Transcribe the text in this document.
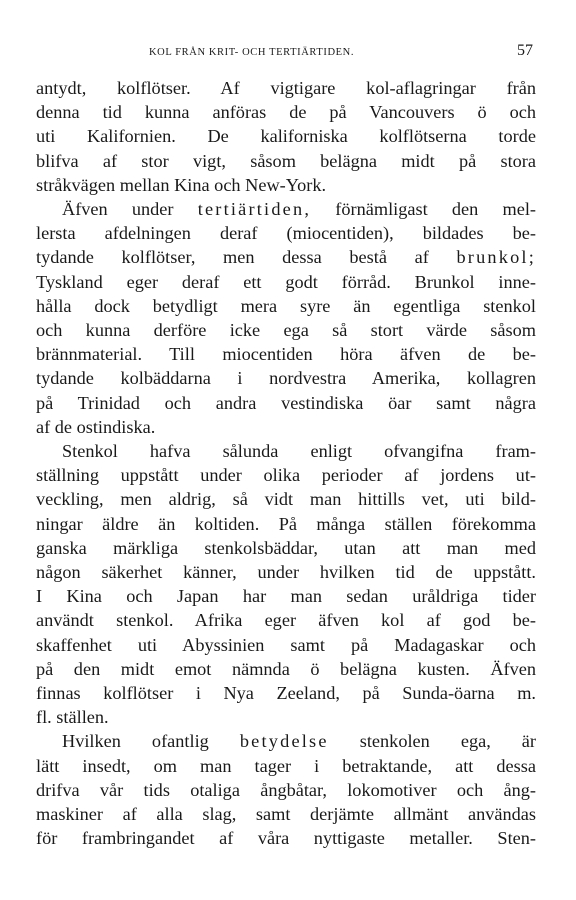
KOL FRÅN KRIT- OCH TERTIÄRTIDEN.	57
antydt, kolflötser. Af vigtigare kol-aflagringar från
denna tid kunna anföras de på Vancouvers ö och
uti Kalifornien. De kaliforniska kolflötserna torde
blifva af stor vigt, såsom belägna midt på stora
stråkvägen mellan Kina och New-York.
Äfven under tertiärtiden, förnämligast den mel-
lersta afdelningen deraf (miocentiden), bildades be-
tydande kolflötser, men dessa bestå af brunkol;
Tyskland eger deraf ett godt förråd. Brunkol inne-
hålla dock betydligt mera syre än egentliga stenkol
och kunna derföre icke ega så stort värde såsom
brännmaterial. Till miocentiden höra äfven de be-
tydande kolbäddarna i nordvestra Amerika, kollagren
på Trinidad och andra vestindiska öar samt några
af de ostindiska.
Stenkol hafva sålunda enligt ofvangifna fram-
ställning uppstått under olika perioder af jordens ut-
veckling, men aldrig, så vidt man hittills vet, uti bild-
ningar äldre än koltiden. På många ställen förekomma
ganska märkliga stenkolsbäddar, utan att man med
någon säkerhet känner, under hvilken tid de uppstått.
I Kina och Japan har man sedan uråldriga tider
användt stenkol. Afrika eger äfven kol af god be-
skaffenhet uti Abyssinien samt på Madagaskar och
på den midt emot nämnda ö belägna kusten. Äfven
finnas kolflötser i Nya Zeeland, på Sunda-öarna m.
fl. ställen.
Hvilken ofantlig betydelse stenkolen ega, är
lätt insedt, om man tager i betraktande, att dessa
drifva vår tids otaliga ångbåtar, lokomotiver och ång-
maskiner af alla slag, samt derjämte allmänt användas
för frambringandet af våra nyttigaste metaller. Sten-
